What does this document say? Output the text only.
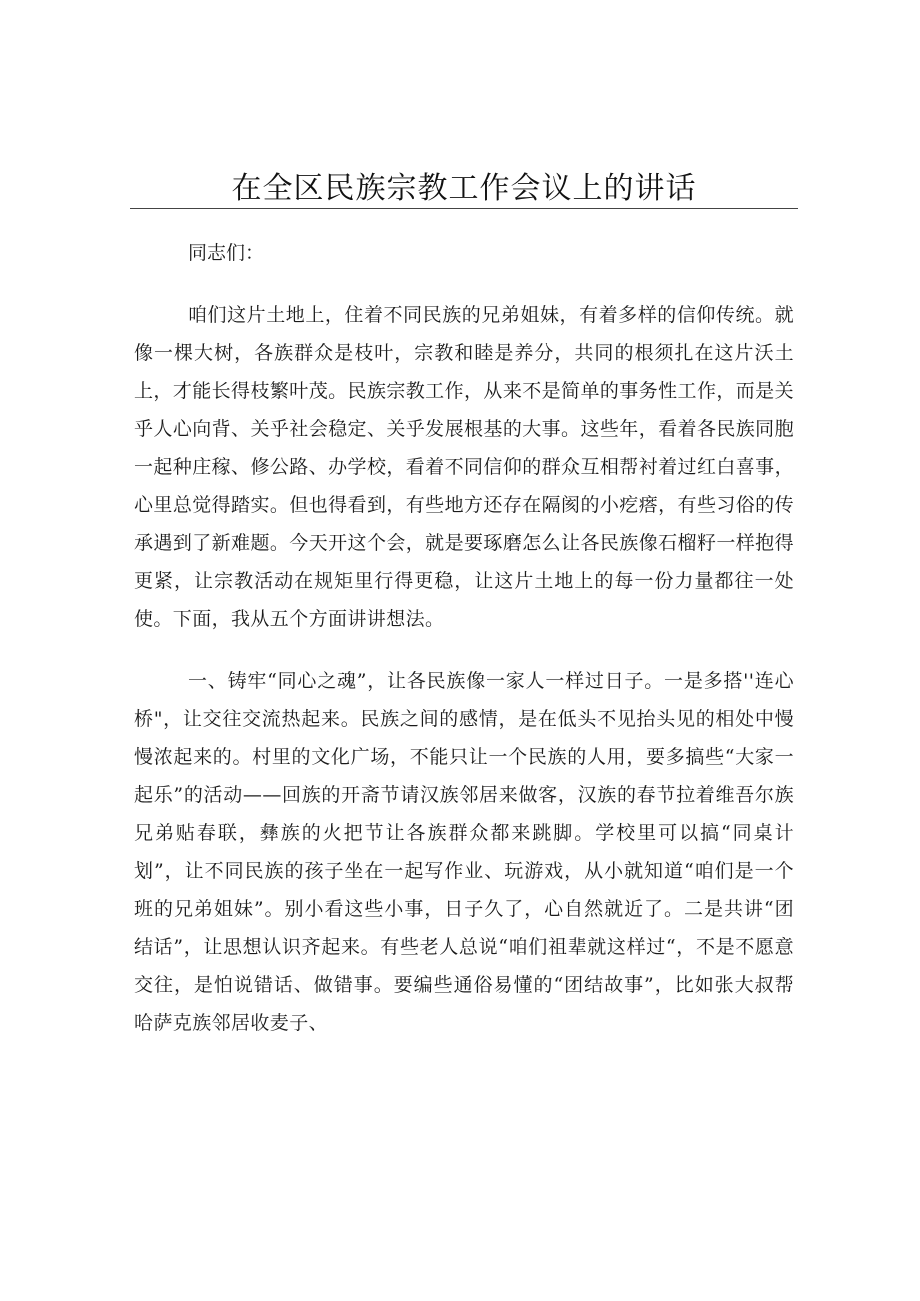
在全区民族宗教工作会议上的讲话

同志们：

咱们这片土地上，住着不同民族的兄弟姐妹，有着多样的信仰传统。就像一棵大树，各族群众是枝叶，宗教和睦是养分，共同的根须扎在这片沃土上，才能长得枝繁叶茂。民族宗教工作，从来不是简单的事务性工作，而是关乎人心向背、关乎社会稳定、关乎发展根基的大事。这些年，看着各民族同胞一起种庄稼、修公路、办学校，看着不同信仰的群众互相帮衬着过红白喜事，心里总觉得踏实。但也得看到，有些地方还存在隔阂的小疙瘩，有些习俗的传承遇到了新难题。今天开这个会，就是要琢磨怎么让各民族像石榴籽一样抱得更紧，让宗教活动在规矩里行得更稳，让这片土地上的每一份力量都往一处使。下面，我从五个方面讲讲想法。

一、铸牢“同心之魂”，让各民族像一家人一样过日子。一是多搭''连心桥"，让交往交流热起来。民族之间的感情，是在低头不见抬头见的相处中慢慢浓起来的。村里的文化广场，不能只让一个民族的人用，要多搞些“大家一起乐”的活动——回族的开斋节请汉族邻居来做客，汉族的春节拉着维吾尔族兄弟贴春联，彝族的火把节让各族群众都来跳脚。学校里可以搞“同桌计划”，让不同民族的孩子坐在一起写作业、玩游戏，从小就知道“咱们是一个班的兄弟姐妹”。别小看这些小事，日子久了，心自然就近了。二是共讲“团结话”，让思想认识齐起来。有些老人总说“咱们祖辈就这样过“，不是不愿意交往，是怕说错话、做错事。要编些通俗易懂的“团结故事”，比如张大叔帮哈萨克族邻居收麦子、
